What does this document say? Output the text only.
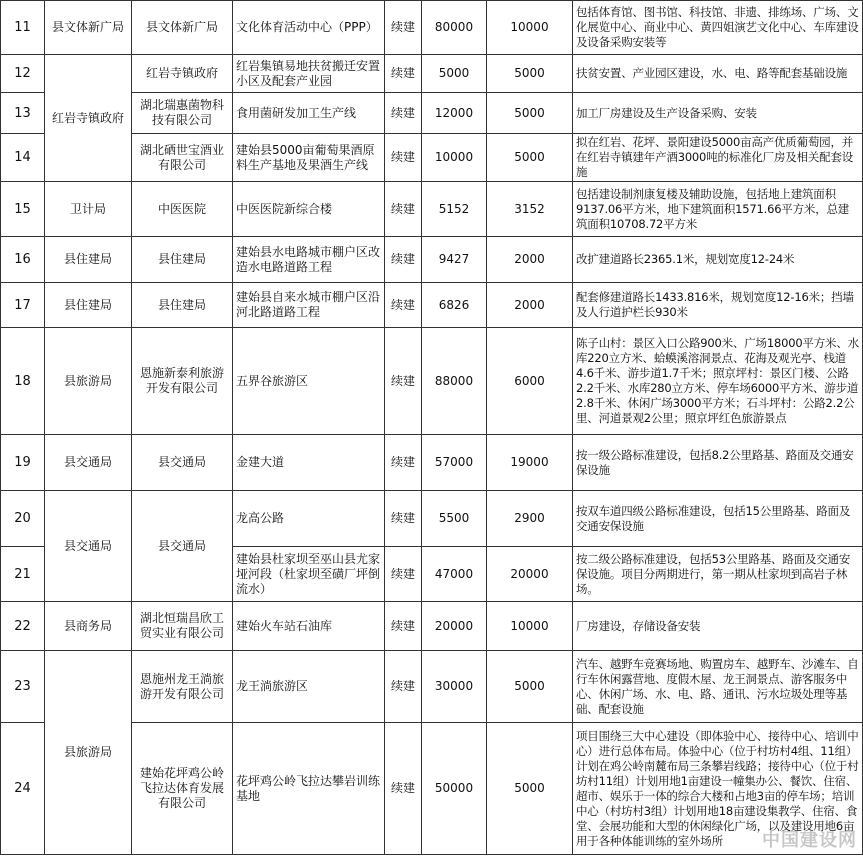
11	县文体新广局	县文体新广局	文化体育活动中心（PPP）	续建	80000	10000	包括体育馆、图书馆、科技馆、非遗、排练场、广场、文化展览中心、商业中心、黄四姐演艺文化中心、车库建设及设备采购安装等
12	红岩寺镇政府	红岩寺镇政府	红岩集镇易地扶贫搬迁安置小区及配套产业园	续建	5000	5000	扶贫安置、产业园区建设，水、电、路等配套基础设施
13		湖北瑞惠菌物科技有限公司	食用菌研发加工生产线	续建	12000	5000	加工厂房建设及生产设备采购、安装
14		湖北硒世宝酒业有限公司	建始县5000亩葡萄果酒原料生产基地及果酒生产线	续建	10000	5000	拟在红岩、花坪、景阳建设5000亩高产优质葡萄园，并在红岩寺镇建年产酒3000吨的标准化厂房及相关配套设施
15	卫计局	中医医院	中医医院新综合楼	续建	5152	3152	包括建设制剂康复楼及辅助设施，包括地上建筑面积9137.06平方米，地下建筑面积1571.66平方米，总建筑面积10708.72平方米
16	县住建局	县住建局	建始县水电路城市棚户区改造水电路道路工程	续建	9427	2000	改扩建道路长2365.1米，规划宽度12-24米
17	县住建局	县住建局	建始县自来水城市棚户区沿河北路道路工程	续建	6826	2000	配套修建道路长1433.816米，规划宽度12-16米；挡墙及人行道护栏长930米
18	县旅游局	恩施新泰利旅游开发有限公司	五界谷旅游区	续建	88000	6000	陈子山村：景区入口公路900米、广场18000平方米、水库220立方米、蛤蟆溪溶洞景点、花海及观光亭、栈道4.6千米、游步道1.7千米；照京坪村：景区门楼、公路2.2千米、水库280立方米、停车场6000平方米、游步道2.8千米、休闲广场3000平方米；石斗坪村：公路2.2公里、河道景观2公里；照京坪红色旅游景点
19	县交通局	县交通局	金建大道	续建	57000	19000	按一级公路标准建设，包括8.2公里路基、路面及交通安保设施
20	县交通局	县交通局	龙高公路	续建	5500	2900	按双车道四级公路标准建设，包括15公里路基、路面及交通安保设施
21			建始县杜家坝至巫山县尤家垭河段（杜家坝至磺厂坪倒流水）	续建	47000	20000	按二级公路标准建设，包括53公里路基、路面及交通安保设施。项目分两期进行，第一期从杜家坝到高岩子林场。
22	县商务局	湖北恒瑞昌欣工贸实业有限公司	建始火车站石油库	续建	20000	10000	厂房建设，存储设备安装
23	县旅游局	恩施州龙王淌旅游开发有限公司	龙王淌旅游区	续建	30000	5000	汽车、越野车竞赛场地、购置房车、越野车、沙滩车、自行车休闲露营地、度假木屋、龙王洞景点、游客服务中心、休闲广场、水、电、路、通讯、污水垃圾处理等基础、配套设施
24		建始花坪鸡公岭飞拉达体育发展有限公司	花坪鸡公岭飞拉达攀岩训练基地	续建	50000	5000	项目围绕三大中心建设（即体验中心、接待中心、培训中心）进行总体布局。体验中心（位于村坊村4组、11组）计划在鸡公岭南麓布局三条攀岩线路；接待中心（位于村坊村11组）计划用地1亩建设一幢集办公、餐饮、住宿、超市、娱乐于一体的综合大楼和占地3亩的停车场；培训中心（村坊村3组）计划用地18亩建设集教学、住宿、食堂、会展功能和大型的休闲绿化广场，以及建设用地6亩用于各种体能训练的室外场所 中国建设网
